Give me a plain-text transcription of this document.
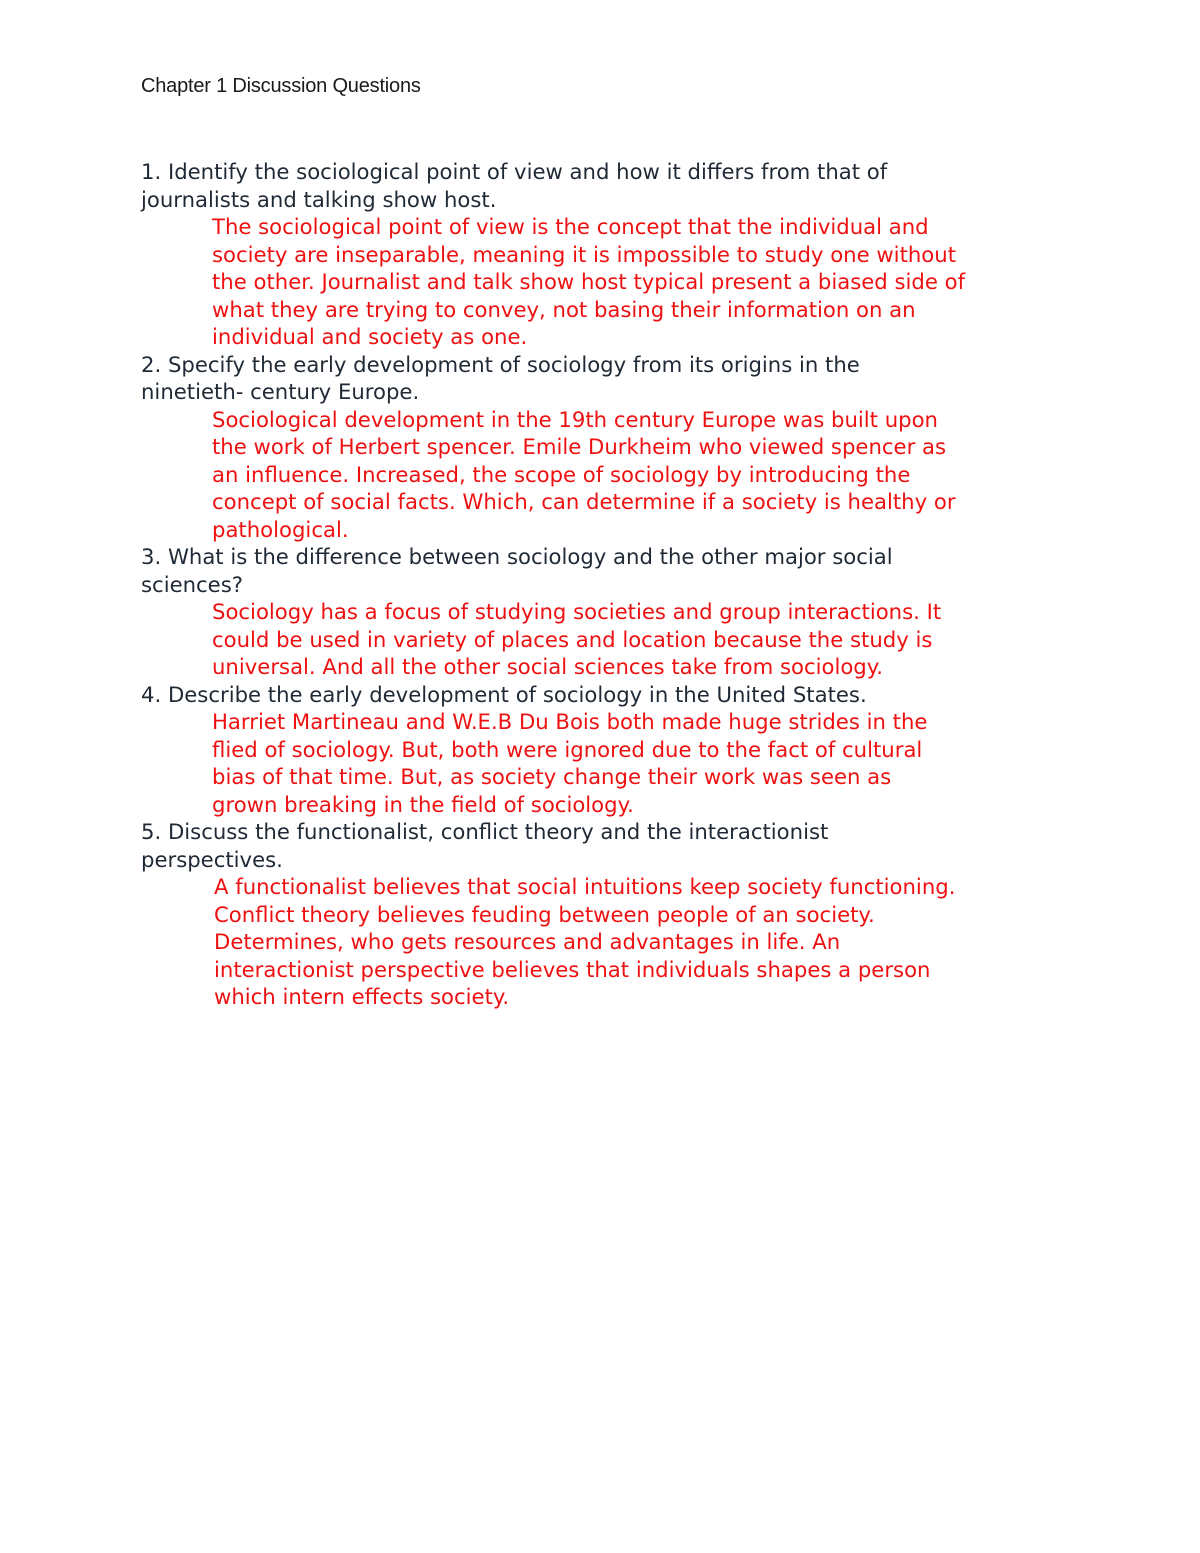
Chapter 1 Discussion Questions
1. Identify the sociological point of view and how it differs from that of
journalists and talking show host.
The sociological point of view is the concept that the individual and
society are inseparable, meaning it is impossible to study one without
the other. Journalist and talk show host typical present a biased side of
what they are trying to convey, not basing their information on an
individual and society as one.
2. Specify the early development of sociology from its origins in the
ninetieth- century Europe.
Sociological development in the 19th century Europe was built upon
the work of Herbert spencer. Emile Durkheim who viewed spencer as
an influence. Increased, the scope of sociology by introducing the
concept of social facts. Which, can determine if a society is healthy or
pathological.
3. What is the difference between sociology and the other major social
sciences?
Sociology has a focus of studying societies and group interactions. It
could be used in variety of places and location because the study is
universal. And all the other social sciences take from sociology.
4. Describe the early development of sociology in the United States.
Harriet Martineau and W.E.B Du Bois both made huge strides in the
flied of sociology. But, both were ignored due to the fact of cultural
bias of that time. But, as society change their work was seen as
grown breaking in the field of sociology.
5. Discuss the functionalist, conflict theory and the interactionist
perspectives.
A functionalist believes that social intuitions keep society functioning.
Conflict theory believes feuding between people of an society.
Determines, who gets resources and advantages in life. An
interactionist perspective believes that individuals shapes a person
which intern effects society.
